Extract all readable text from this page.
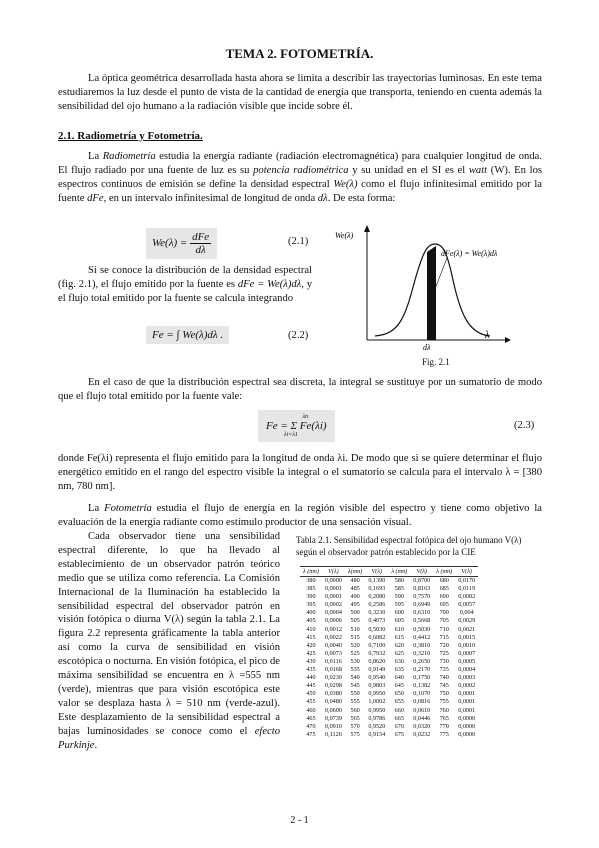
TEMA 2. FOTOMETRÍA.

La óptica geométrica desarrollada hasta ahora se limita a describir las trayectorias luminosas. En este tema estudiaremos la luz desde el punto de vista de la cantidad de energía que transporta, teniendo en cuenta además la sensibilidad del ojo humano a la radiación visible que incide sobre él.

2.1. Radiometría y Fotometría.

La Radiometría estudia la energía radiante (radiación electromagnética) para cualquier longitud de onda. El flujo radiado por una fuente de luz es su potencia radiométrica y su unidad en el SI es el watt (W). En los espectros continuos de emisión se define la densidad espectral We(λ) como el flujo infinitesimal emitido por la fuente dFe, en un intervalo infinitesimal de longitud de onda dλ. De esta forma:

$We(\lambda) = \frac{\text{dFe}}{d\lambda}$	(2.1)

Si se conoce la distribución de la densidad espectral (fig. 2.1), el flujo emitido por la fuente es dFe = We(λ)dλ, y el flujo total emitido por la fuente se calcula integrando

Fe = ∫ We(λ)dλ .	(2.2)
We(λ)
dFe(λ) = We(λ)dλ
dλ
λ
Fig. 2.1

En el caso de que la distribución espectral sea discreta, la integral se sustituye por un sumatorio de modo que el flujo total emitido por la fuente vale:

λn
Fe = Σ Fe(λi)
λi=λ1
(2.3)

donde Fe(λi) representa el flujo emitido para la longitud de onda λi. De modo que si se quiere determinar el flujo energético emitido en el rango del espectro visible la integral o el sumatorio se calcula para el intervalo λ = [380 nm, 780 nm].

La Fotometría estudia el flujo de energía en la región visible del espectro y tiene como objetivo la evaluación de la energía radiante como estímulo productor de una sensación visual.

Cada observador tiene una sensibilidad espectral diferente, lo que ha llevado al establecimiento de un observador patrón teórico medio que se utiliza como referencia. La Comisión Internacional de la Iluminación ha establecido la sensibilidad espectral del observador patrón en visión fotópica o diurna V(λ) según la tabla 2.1. La figura 2.2 representa gráficamente la tabla anterior así como la curva de sensibilidad en visión escotópica o nocturna. En visión fotópica, el pico de máxima sensibilidad se encuentra en λ =555 nm (verde), mientras que para visión escotópica este valor se desplaza hasta λ = 510 nm (verde-azul). Este desplazamiento de la sensibilidad espectral a bajas luminosidades se conoce como el efecto Purkinje.

Tabla 2.1. Sensibilidad espectral fotópica del ojo humano V(λ) según el observador patrón establecido por la CIE
λ (nm)	V(λ)	λ(nm)	V(λ)	λ (nm)	V(λ)	λ (nm)	V(λ)
380	0,0000	480	0,1390	580	0,8700	680	0,0170
385	0,0001	485	0,1693	585	0,8163	685	0,0119
390	0,0001	490	0,2080	590	0,7570	690	0,0082
395	0,0002	495	0,2586	595	0,6949	695	0,0057
400	0,0004	500	0,3230	600	0,6310	700	0,004
405	0,0006	505	0,4073	605	0,5668	705	0,0029
410	0,0012	510	0,5030	610	0,5030	710	0,0021
415	0,0022	515	0,6082	615	0,4412	715	0,0015
420	0,0040	520	0,7100	620	0,3810	720	0,0010
425	0,0073	525	0,7932	625	0,3210	725	0,0007
430	0,0116	530	0,8620	630	0,2650	730	0,0005
435	0,0168	535	0,9149	635	0,2170	735	0,0004
440	0,0230	540	0,9540	640	0,1750	740	0,0003
445	0,0298	545	0,9803	645	0,1382	745	0,0002
450	0,0380	550	0,9950	650	0,1070	750	0,0001
455	0,0480	555	1,0002	655	0,0816	755	0,0001
460	0,0600	560	0,9950	660	0,0610	760	0,0001
465	0,0739	565	0,9786	665	0,0446	765	0,0000
470	0,0910	570	0,9520	670	0,0320	770	0,0000
475	0,1126	575	0,9154	675	0,0232	775	0,0000
2 - 1
